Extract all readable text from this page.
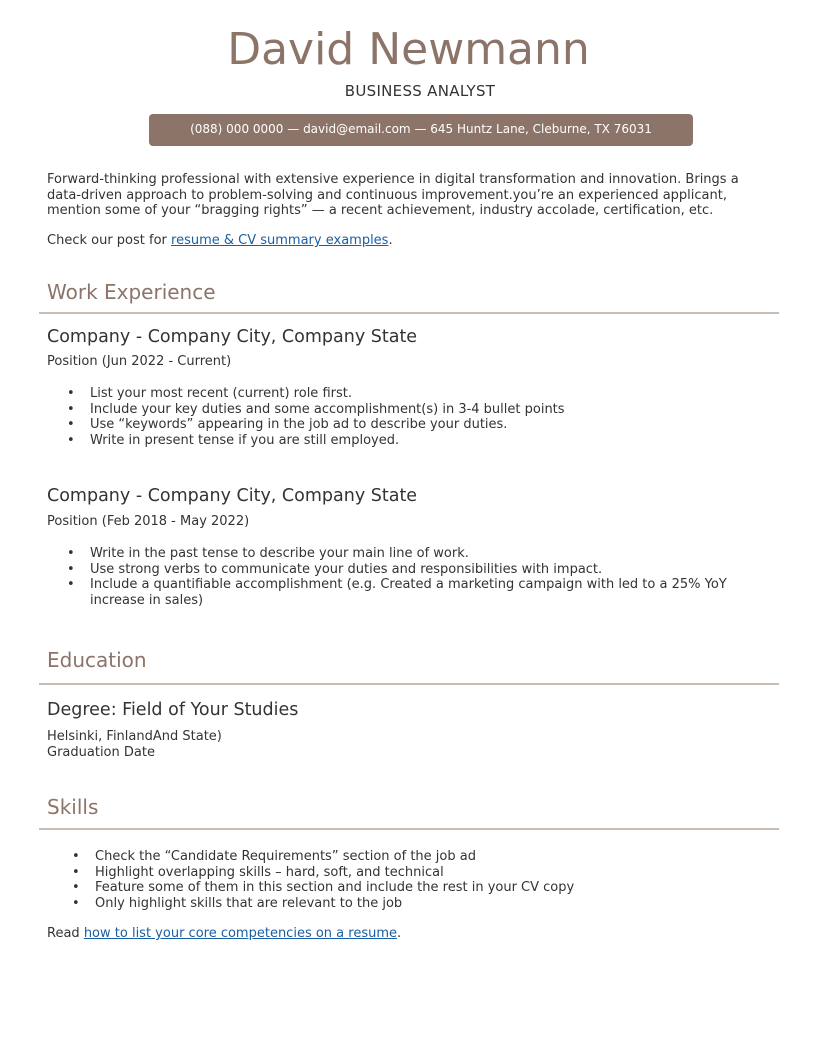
David Newmann
BUSINESS ANALYST
(088) 000 0000 — david@email.com — 645 Huntz Lane, Cleburne, TX 76031
Forward-thinking professional with extensive experience in digital transformation and innovation. Brings a data-driven approach to problem-solving and continuous improvement.you’re an experienced applicant, mention some of your “bragging rights” — a recent achievement, industry accolade, certification, etc.
Check our post for resume & CV summary examples.
Work Experience
Company - Company City, Company State
Position (Jun 2022 - Current)
• List your most recent (current) role first.
• Include your key duties and some accomplishment(s) in 3-4 bullet points
• Use “keywords” appearing in the job ad to describe your duties.
• Write in present tense if you are still employed.
Company - Company City, Company State
Position (Feb 2018 - May 2022)
• Write in the past tense to describe your main line of work.
• Use strong verbs to communicate your duties and responsibilities with impact.
• Include a quantifiable accomplishment (e.g. Created a marketing campaign with led to a 25% YoY increase in sales)
Education
Degree: Field of Your Studies
Helsinki, FinlandAnd State)
Graduation Date
Skills
• Check the “Candidate Requirements” section of the job ad
• Highlight overlapping skills – hard, soft, and technical
• Feature some of them in this section and include the rest in your CV copy
• Only highlight skills that are relevant to the job
Read how to list your core competencies on a resume.
